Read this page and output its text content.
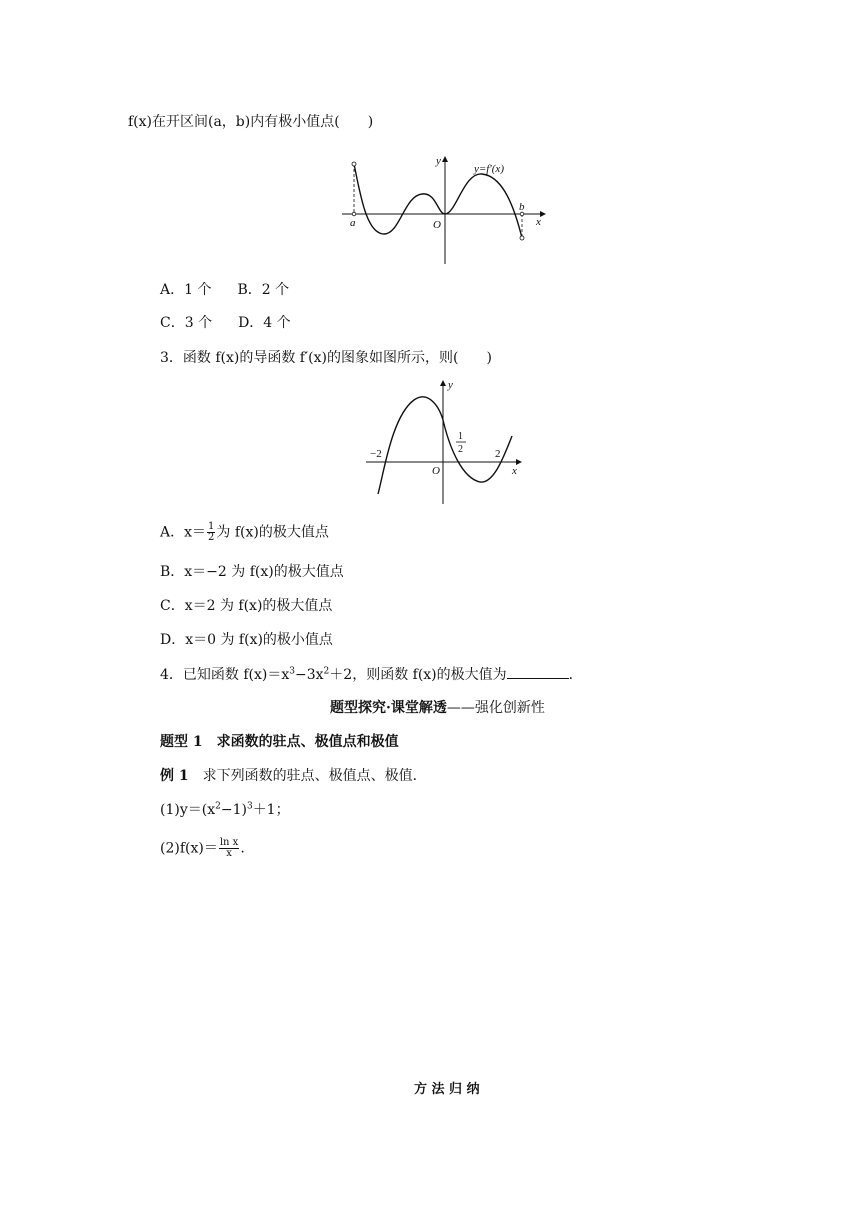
f(x)在开区间(a，b)内有极小值点(　　)
y=f′(x)
x
y
O
a
b
A．1 个 B．2 个
C．3 个 D．4 个
3．函数 f(x)的导函数 f′(x)的图象如图所示，则(　　)
−2
1
2	2
O	x
y
A．$x= \frac{1}{2}$ 为 f(x)的极大值点
B．x＝−2 为 f(x)的极大值点
C．x＝2 为 f(x)的极大值点
D．x＝0 为 f(x)的极小值点
4．已知函数 $f(x)=x^3-3x^2+2$，则函数 f(x)的极大值为	．
题型探究·课堂解透——强化创新性
题型 1　求函数的驻点、极值点和极值
例 1　求下列函数的驻点、极值点、极值．
$(1)y=(x^2-1)^3+1$；
$(2)f(x)= \frac{\text{ln x}}{x}$ .
方 法 归 纳
